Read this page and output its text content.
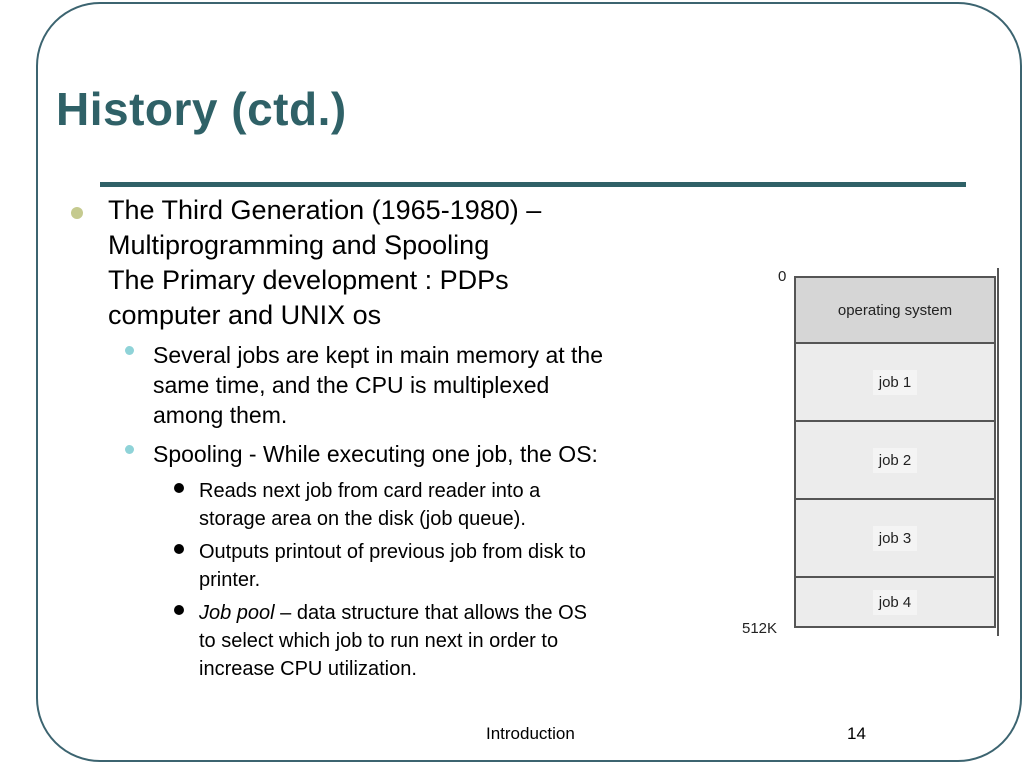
History (ctd.)
The Third Generation (1965-1980) –
Multiprogramming and Spooling
The Primary development : PDPs
computer and UNIX os
Several jobs are kept in main memory at the
same time, and the CPU is multiplexed
among them.
Spooling - While executing one job, the OS:
Reads next job from card reader into a
storage area on the disk (job queue).
Outputs printout of previous job from disk to
printer.
Job pool – data structure that allows the OS
to select which job to run next in order to
increase CPU utilization.
0
512K
operating system
job 1
job 2
job 3
job 4
Introduction	14
